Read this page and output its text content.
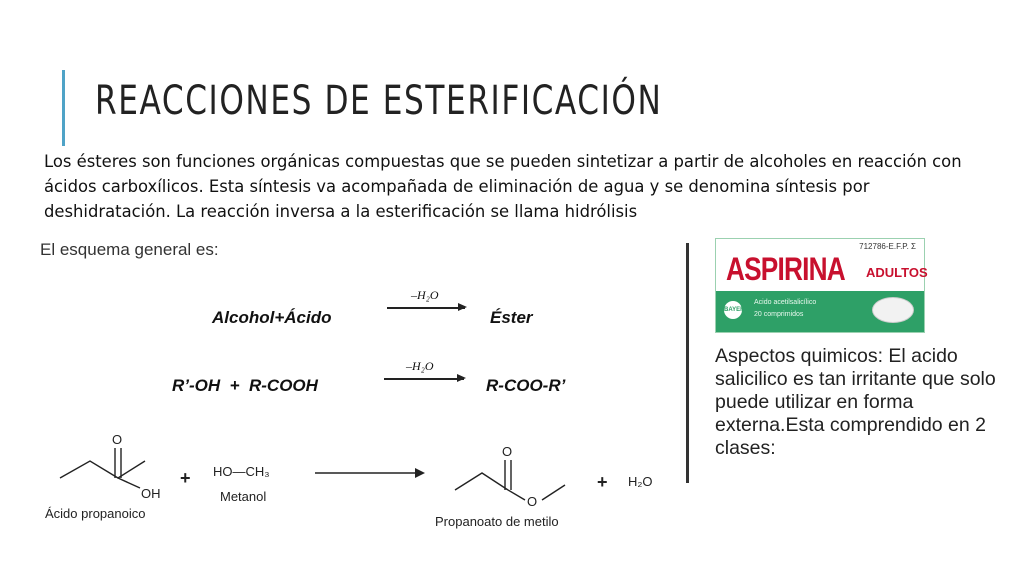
REACCIONES DE ESTERIFICACIÓN
Los ésteres son funciones orgánicas compuestas que se pueden sintetizar a partir de alcoholes en reacción con ácidos carboxílicos. Esta síntesis va acompañada de eliminación de agua y se denomina síntesis por deshidratación. La reacción inversa a la esterificación se llama hidrólisis
El esquema general es:
Alcohol+Ácido
–H₂O
Éster
R’-OH  +  R-COOH
–H₂O
R-COO-R’
O
OH
Ácido propanoico
+ HO—CH₃
Metanol
O
O
Propanoato de metilo
+ H₂O
712786-E.F.P. Σ
ASPIRINA ADULTOS
BAYER
Acido acetilsalicílico
20 comprimidos
Aspectos quimicos: El acido salicilico es tan irritante que solo puede utilizar en forma externa.Esta comprendido en 2 clases:
